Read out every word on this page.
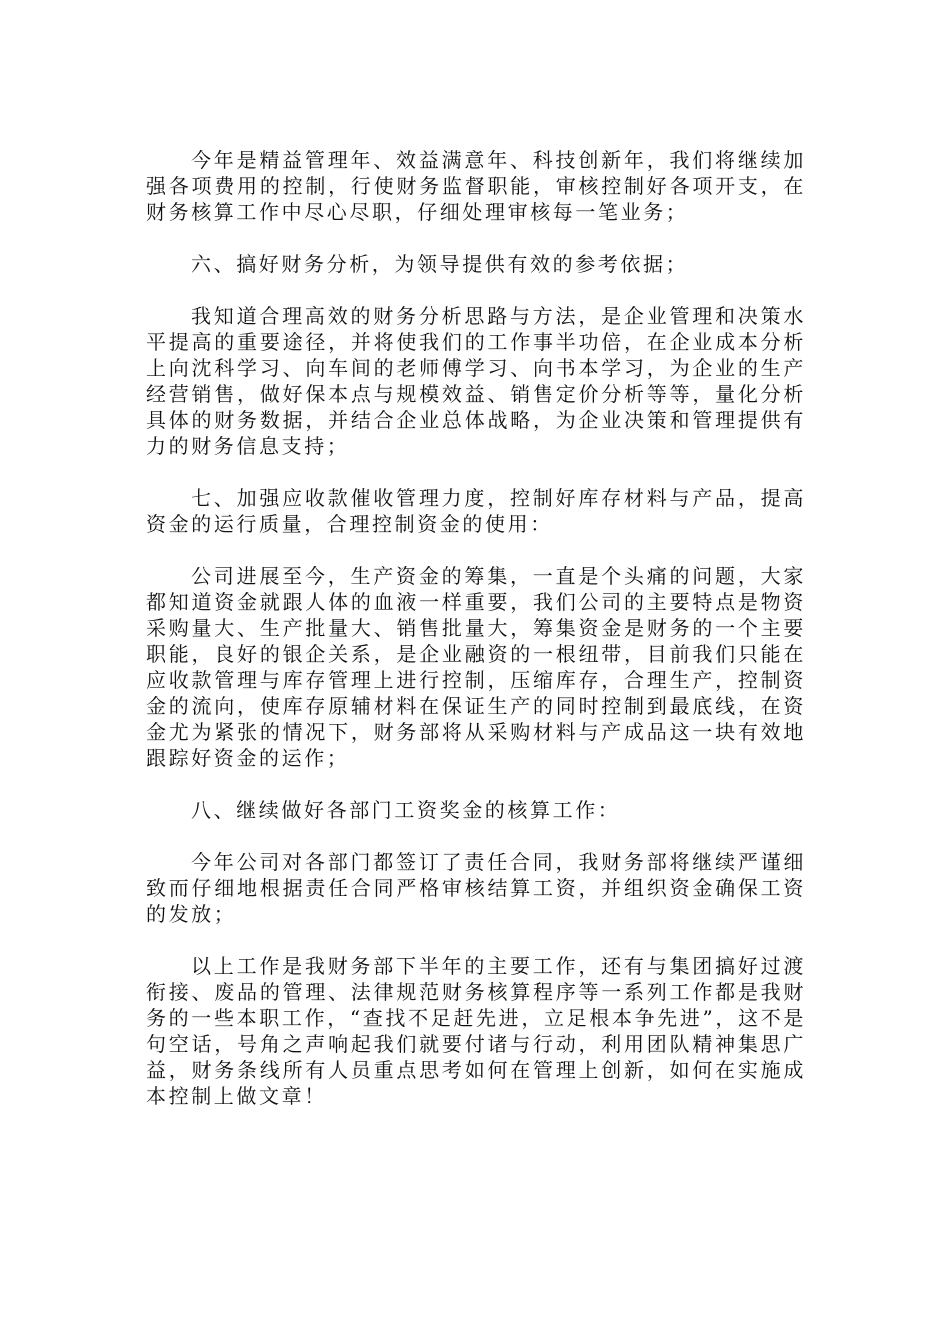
今年是精益管理年、效益满意年、科技创新年，我们将继续加强各项费用的控制，行使财务监督职能，审核控制好各项开支，在财务核算工作中尽心尽职，仔细处理审核每一笔业务；

六、搞好财务分析，为领导提供有效的参考依据；

我知道合理高效的财务分析思路与方法，是企业管理和决策水平提高的重要途径，并将使我们的工作事半功倍，在企业成本分析上向沈科学习、向车间的老师傅学习、向书本学习，为企业的生产经营销售，做好保本点与规模效益、销售定价分析等等，量化分析具体的财务数据，并结合企业总体战略，为企业决策和管理提供有力的财务信息支持；

七、加强应收款催收管理力度，控制好库存材料与产品，提高资金的运行质量，合理控制资金的使用：

公司进展至今，生产资金的筹集，一直是个头痛的问题，大家都知道资金就跟人体的血液一样重要，我们公司的主要特点是物资采购量大、生产批量大、销售批量大，筹集资金是财务的一个主要职能，良好的银企关系，是企业融资的一根纽带，目前我们只能在应收款管理与库存管理上进行控制，压缩库存，合理生产，控制资金的流向，使库存原辅材料在保证生产的同时控制到最底线，在资金尤为紧张的情况下，财务部将从采购材料与产成品这一块有效地跟踪好资金的运作；

八、继续做好各部门工资奖金的核算工作：

今年公司对各部门都签订了责任合同，我财务部将继续严谨细致而仔细地根据责任合同严格审核结算工资，并组织资金确保工资的发放；

以上工作是我财务部下半年的主要工作，还有与集团搞好过渡衔接、废品的管理、法律规范财务核算程序等一系列工作都是我财务的一些本职工作，“查找不足赶先进，立足根本争先进”，这不是句空话，号角之声响起我们就要付诸与行动，利用团队精神集思广益，财务条线所有人员重点思考如何在管理上创新，如何在实施成本控制上做文章！
